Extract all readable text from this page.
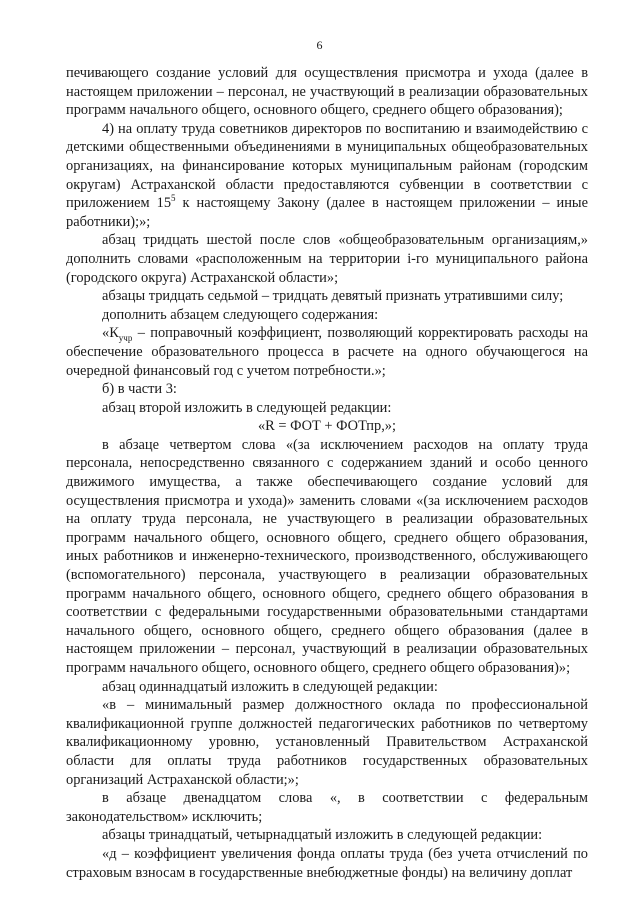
6

печивающего создание условий для осуществления присмотра и ухода (далее в настоящем приложении – персонал, не участвующий в реализации образовательных программ начального общего, основного общего, среднего общего образования);

4) на оплату труда советников директоров по воспитанию и взаимодействию с детскими общественными объединениями в муниципальных общеобразовательных организациях, на финансирование которых муниципальным районам (городским округам) Астраханской области предоставляются субвенции в соответствии с приложением $15^5$ к настоящему Закону (далее в настоящем приложении – иные работники);»;

абзац тридцать шестой после слов «общеобразовательным организациям,» дополнить словами «расположенным на территории i-го муниципального района (городского округа) Астраханской области»;

абзацы тридцать седьмой – тридцать девятый признать утратившими силу;

дополнить абзацем следующего содержания:

«$К_{учр}$ – поправочный коэффициент, позволяющий корректировать расходы на обеспечение образовательного процесса в расчете на одного обучающегося на очередной финансовый год с учетом потребности.»;

б) в части 3:

абзац второй изложить в следующей редакции:

«R = ФОТ + ФОТпр,»;

в абзаце четвертом слова «(за исключением расходов на оплату труда персонала, непосредственно связанного с содержанием зданий и особо ценного движимого имущества, а также обеспечивающего создание условий для осуществления присмотра и ухода)» заменить словами «(за исключением расходов на оплату труда персонала, не участвующего в реализации образовательных программ начального общего, основного общего, среднего общего образования, иных работников и инженерно-технического, производственного, обслуживающего (вспомогательного) персонала, участвующего в реализации образовательных программ начального общего, основного общего, среднего общего образования в соответствии с федеральными государственными образовательными стандартами начального общего, основного общего, среднего общего образования (далее в настоящем приложении – персонал, участвующий в реализации образовательных программ начального общего, основного общего, среднего общего образования)»;

абзац одиннадцатый изложить в следующей редакции:

«в – минимальный размер должностного оклада по профессиональной квалификационной группе должностей педагогических работников по четвертому квалификационному уровню, установленный Правительством Астраханской области для оплаты труда работников государственных образовательных организаций Астраханской области;»;

в абзаце двенадцатом слова «, в соответствии с федеральным законодательством» исключить;

абзацы тринадцатый, четырнадцатый изложить в следующей редакции:

«д – коэффициент увеличения фонда оплаты труда (без учета отчислений по страховым взносам в государственные внебюджетные фонды) на величину доплат
